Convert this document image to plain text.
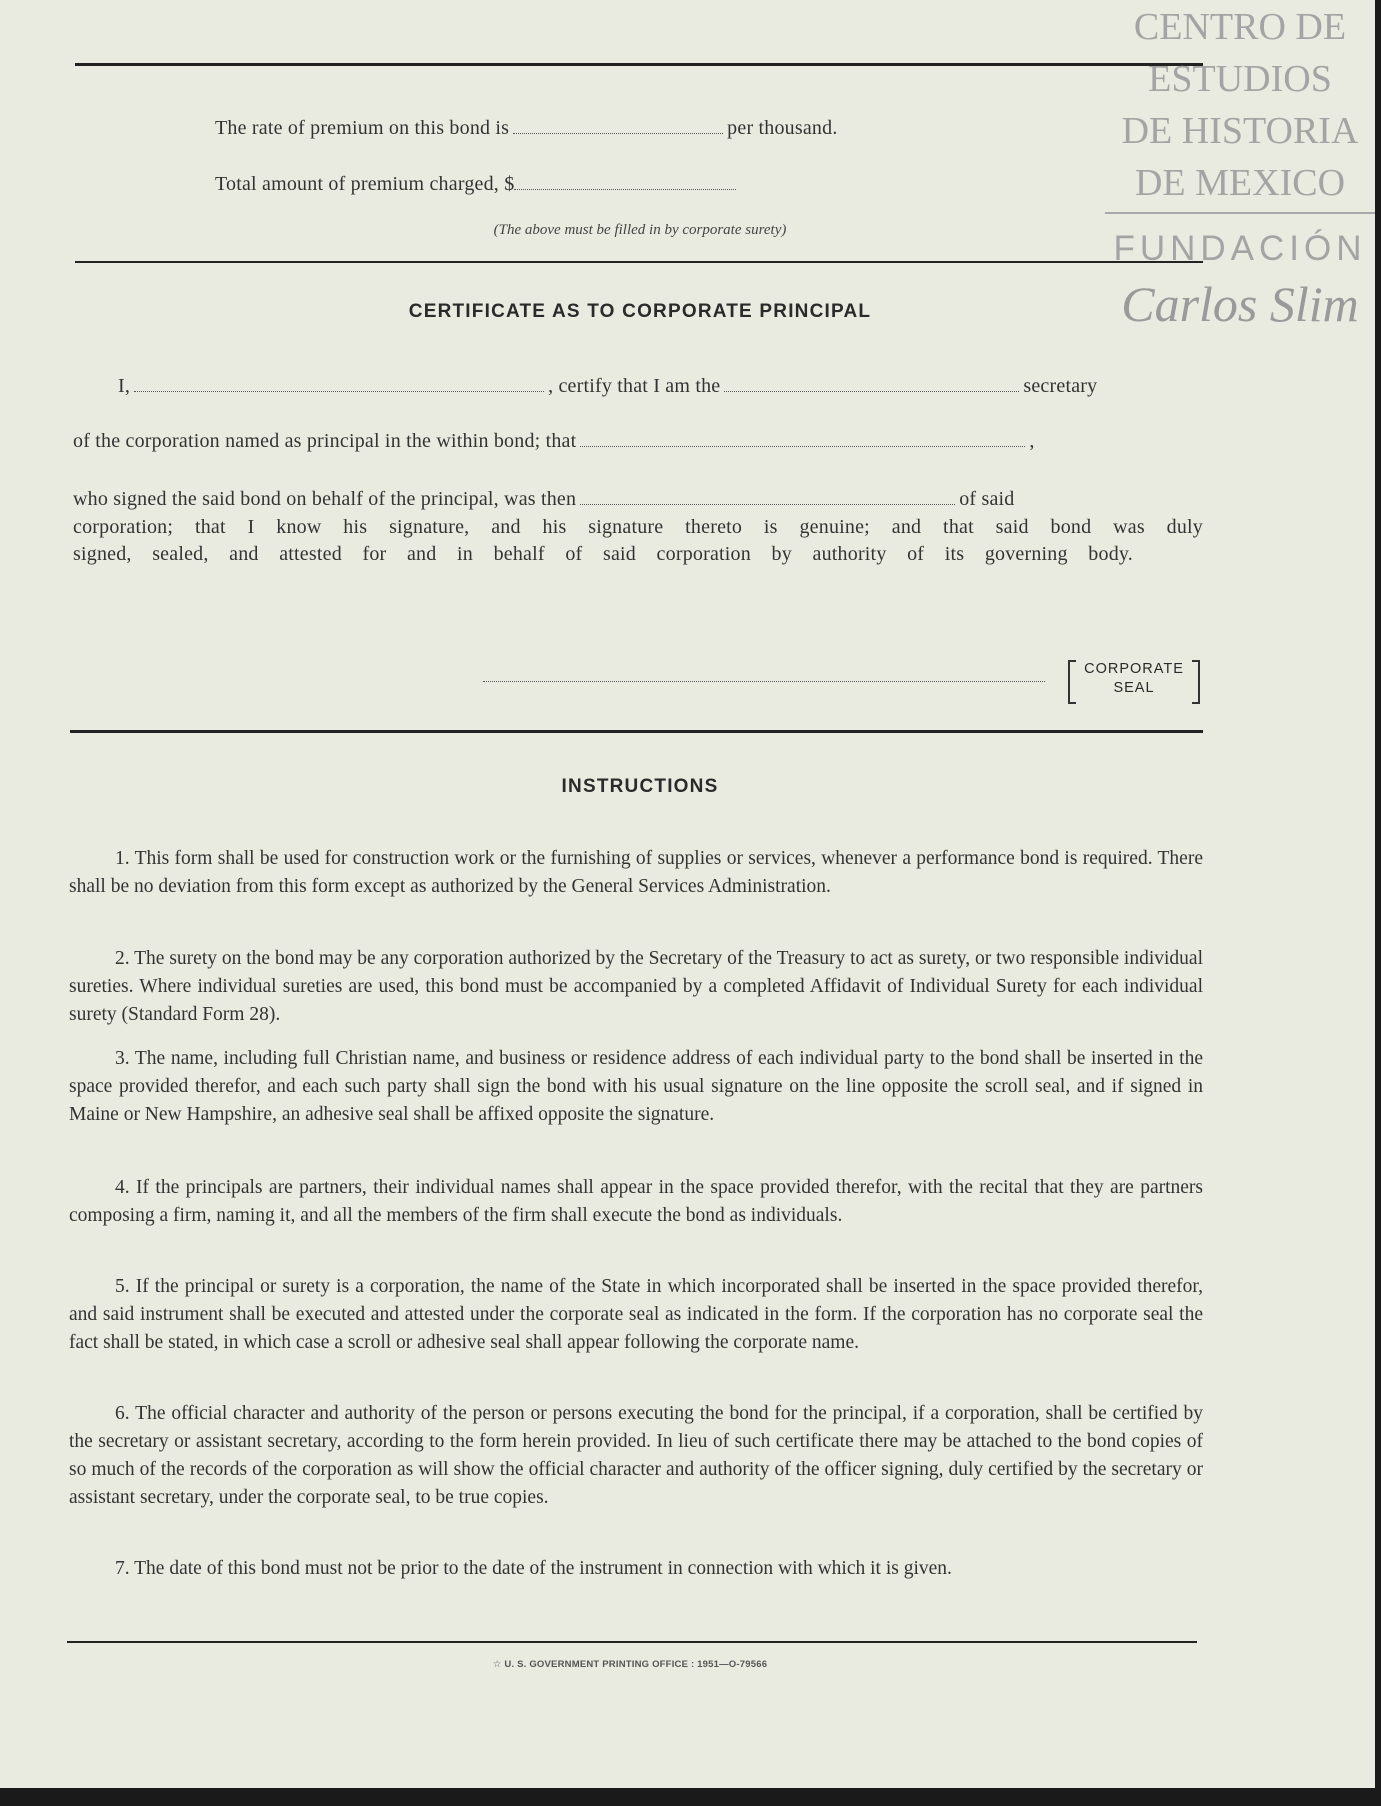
The rate of premium on this bond is	per thousand.
Total amount of premium charged, $
(The above must be filled in by corporate surety)
CERTIFICATE AS TO CORPORATE PRINCIPAL
I,	, certify that I am the	secretary
of the corporation named as principal in the within bond; that	,
who signed the said bond on behalf of the principal, was then	of said
corporation; that I know his signature, and his signature thereto is genuine; and that said bond was duly
signed, sealed, and attested for and in behalf of said corporation by authority of its governing body.
CORPORATE
SEAL
INSTRUCTIONS

1. This form shall be used for construction work or the furnishing of supplies or services, whenever a performance bond is required. There shall be no deviation from this form except as authorized by the General Services Administration.

2. The surety on the bond may be any corporation authorized by the Secretary of the Treasury to act as surety, or two responsible individual sureties. Where individual sureties are used, this bond must be accompanied by a completed Affidavit of Individual Surety for each individual surety (Standard Form 28).

3. The name, including full Christian name, and business or residence address of each individual party to the bond shall be inserted in the space provided therefor, and each such party shall sign the bond with his usual signature on the line opposite the scroll seal, and if signed in Maine or New Hampshire, an adhesive seal shall be affixed opposite the signature.

4. If the principals are partners, their individual names shall appear in the space provided therefor, with the recital that they are partners composing a firm, naming it, and all the members of the firm shall execute the bond as individuals.

5. If the principal or surety is a corporation, the name of the State in which incorporated shall be inserted in the space provided therefor, and said instrument shall be executed and attested under the corporate seal as indicated in the form. If the corporation has no corporate seal the fact shall be stated, in which case a scroll or adhesive seal shall appear following the corporate name.

6. The official character and authority of the person or persons executing the bond for the principal, if a corporation, shall be certified by the secretary or assistant secretary, according to the form herein provided. In lieu of such certificate there may be attached to the bond copies of so much of the records of the corporation as will show the official character and authority of the officer signing, duly certified by the secretary or assistant secretary, under the corporate seal, to be true copies.

7. The date of this bond must not be prior to the date of the instrument in connection with which it is given.

☆ U. S. GOVERNMENT PRINTING OFFICE : 1951—O-79566
CENTRO DE
ESTUDIOS
DE HISTORIA
DE MEXICO
FUNDACIÓN
Carlos Slim
